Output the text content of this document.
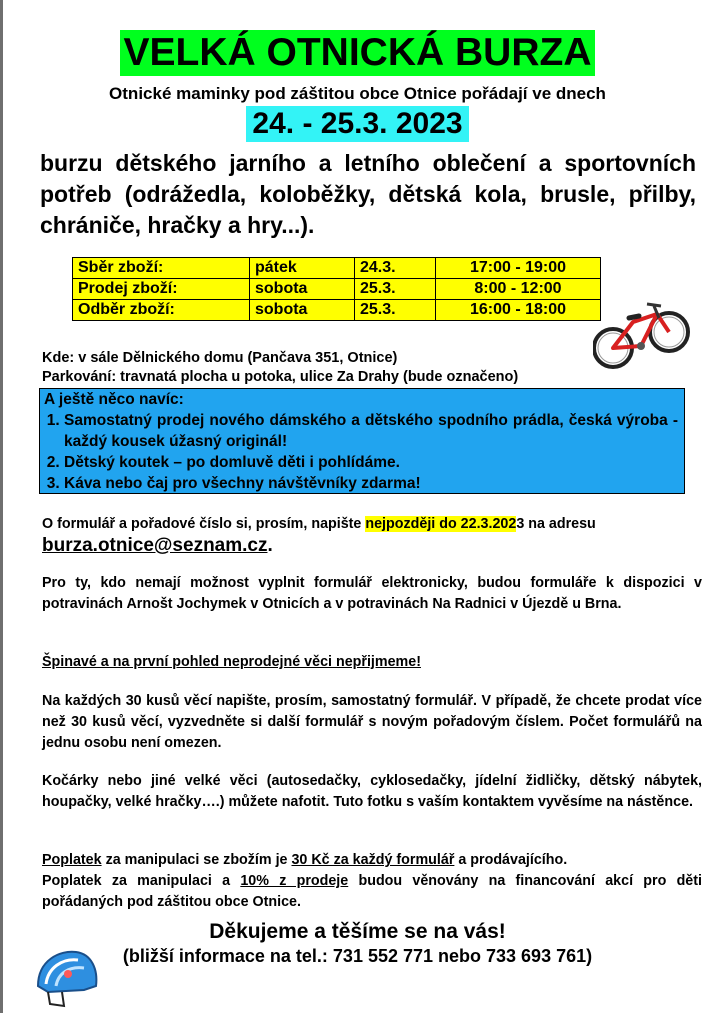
VELKÁ OTNICKÁ BURZA
Otnické maminky pod záštitou obce Otnice pořádají ve dnech
24. - 25.3. 2023
burzu dětského jarního a letního oblečení a sportovních potřeb (odrážedla, koloběžky, dětská kola, brusle, přilby, chrániče, hračky a hry...).
Sběr zboží:	pátek	24.3.	17:00 - 19:00
Prodej zboží:	sobota	25.3.	8:00 - 12:00
Odběr zboží:	sobota	25.3.	16:00 - 18:00
Kde: v sále Dělnického domu (Pančava 351, Otnice)
Parkování: travnatá plocha u potoka, ulice Za Drahy (bude označeno)
A ještě něco navíc:
1. Samostatný prodej nového dámského a dětského spodního prádla, česká výroba - každý kousek úžasný originál!
2. Dětský koutek – po domluvě děti i pohlídáme.
3. Káva nebo čaj pro všechny návštěvníky zdarma!
O formulář a pořadové číslo si, prosím, napište nejpozději do 22.3.2023 na adresu
burza.otnice@seznam.cz.
Pro ty, kdo nemají možnost vyplnit formulář elektronicky, budou formuláře k dispozici v potravinách Arnošt Jochymek v Otnicích a v potravinách Na Radnici v Újezdě u Brna.
Špinavé a na první pohled neprodejné věci nepřijmeme!
Na každých 30 kusů věcí napište, prosím, samostatný formulář. V případě, že chcete prodat více než 30 kusů věcí, vyzvedněte si další formulář s novým pořadovým číslem. Počet formulářů na jednu osobu není omezen.
Kočárky nebo jiné velké věci (autosedačky, cyklosedačky, jídelní židličky, dětský nábytek, houpačky, velké hračky….) můžete nafotit. Tuto fotku s vaším kontaktem vyvěsíme na nástěnce.
Poplatek za manipulaci se zbožím je 30 Kč za každý formulář a prodávajícího.
Poplatek za manipulaci a 10% z prodeje budou věnovány na financování akcí pro děti pořádaných pod záštitou obce Otnice.
Děkujeme a těšíme se na vás!
(bližší informace na tel.: 731 552 771 nebo 733 693 761)
